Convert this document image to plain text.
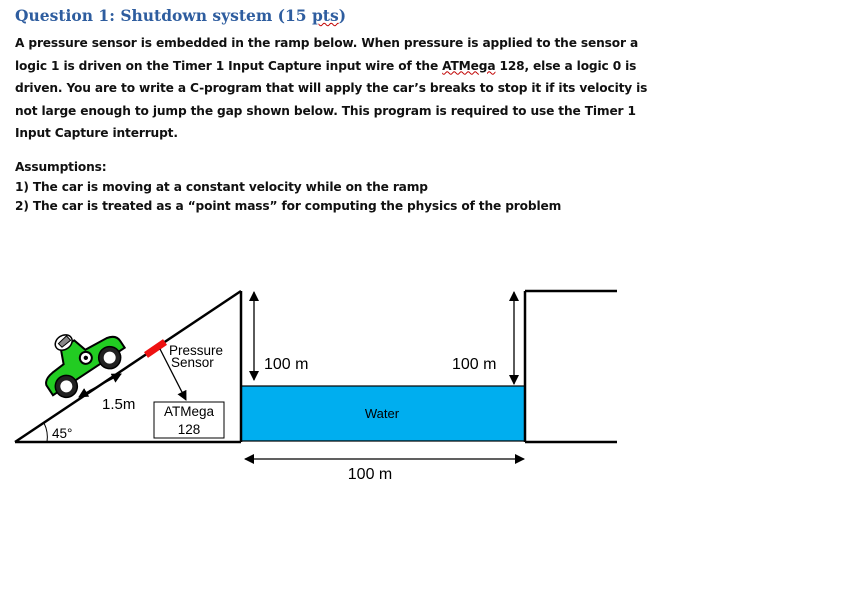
Question 1: Shutdown system (15 pts)
A pressure sensor is embedded in the ramp below. When pressure is applied to the sensor a
logic 1 is driven on the Timer 1 Input Capture input wire of the ATMega 128, else a logic 0 is
driven. You are to write a C-program that will apply the car’s breaks to stop it if its velocity is
not large enough to jump the gap shown below. This program is required to use the Timer 1
Input Capture interrupt.
Assumptions:
1) The car is moving at a constant velocity while on the ramp
2) The car is treated as a “point mass” for computing the physics of the problem
45°
1.5m
Pressure
Sensor
ATMega
128
100 m	100 m
Water
100 m
